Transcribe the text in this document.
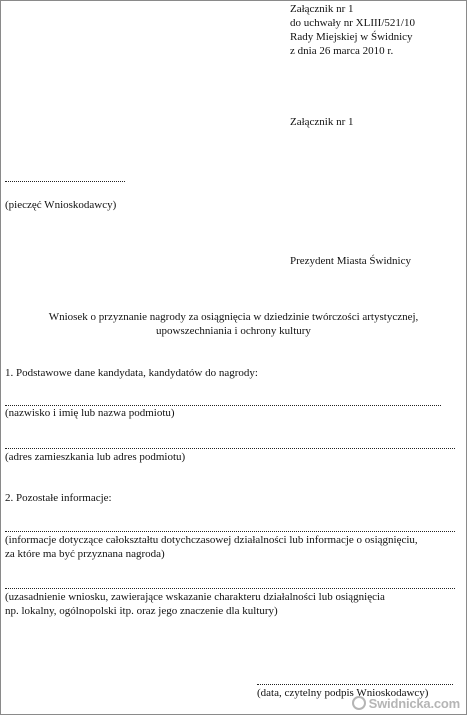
Załącznik nr 1
do uchwały nr XLIII/521/10
Rady Miejskiej w Świdnicy
z dnia 26 marca 2010 r.
Załącznik nr 1
(pieczęć Wnioskodawcy)
Prezydent Miasta Świdnicy
Wniosek o przyznanie nagrody za osiągnięcia w dziedzinie twórczości artystycznej,
upowszechniania i ochrony kultury
1. Podstawowe dane kandydata, kandydatów do nagrody:
(nazwisko i imię lub nazwa podmiotu)
(adres zamieszkania lub adres podmiotu)
2. Pozostałe informacje:
(informacje dotyczące całokształtu dotychczasowej działalności lub informacje o osiągnięciu,
za które ma być przyznana nagroda)
(uzasadnienie wniosku, zawierające wskazanie charakteru działalności lub osiągnięcia
np. lokalny, ogólnopolski itp. oraz jego znaczenie dla kultury)
(data, czytelny podpis Wnioskodawcy)
Swidnicka.com
